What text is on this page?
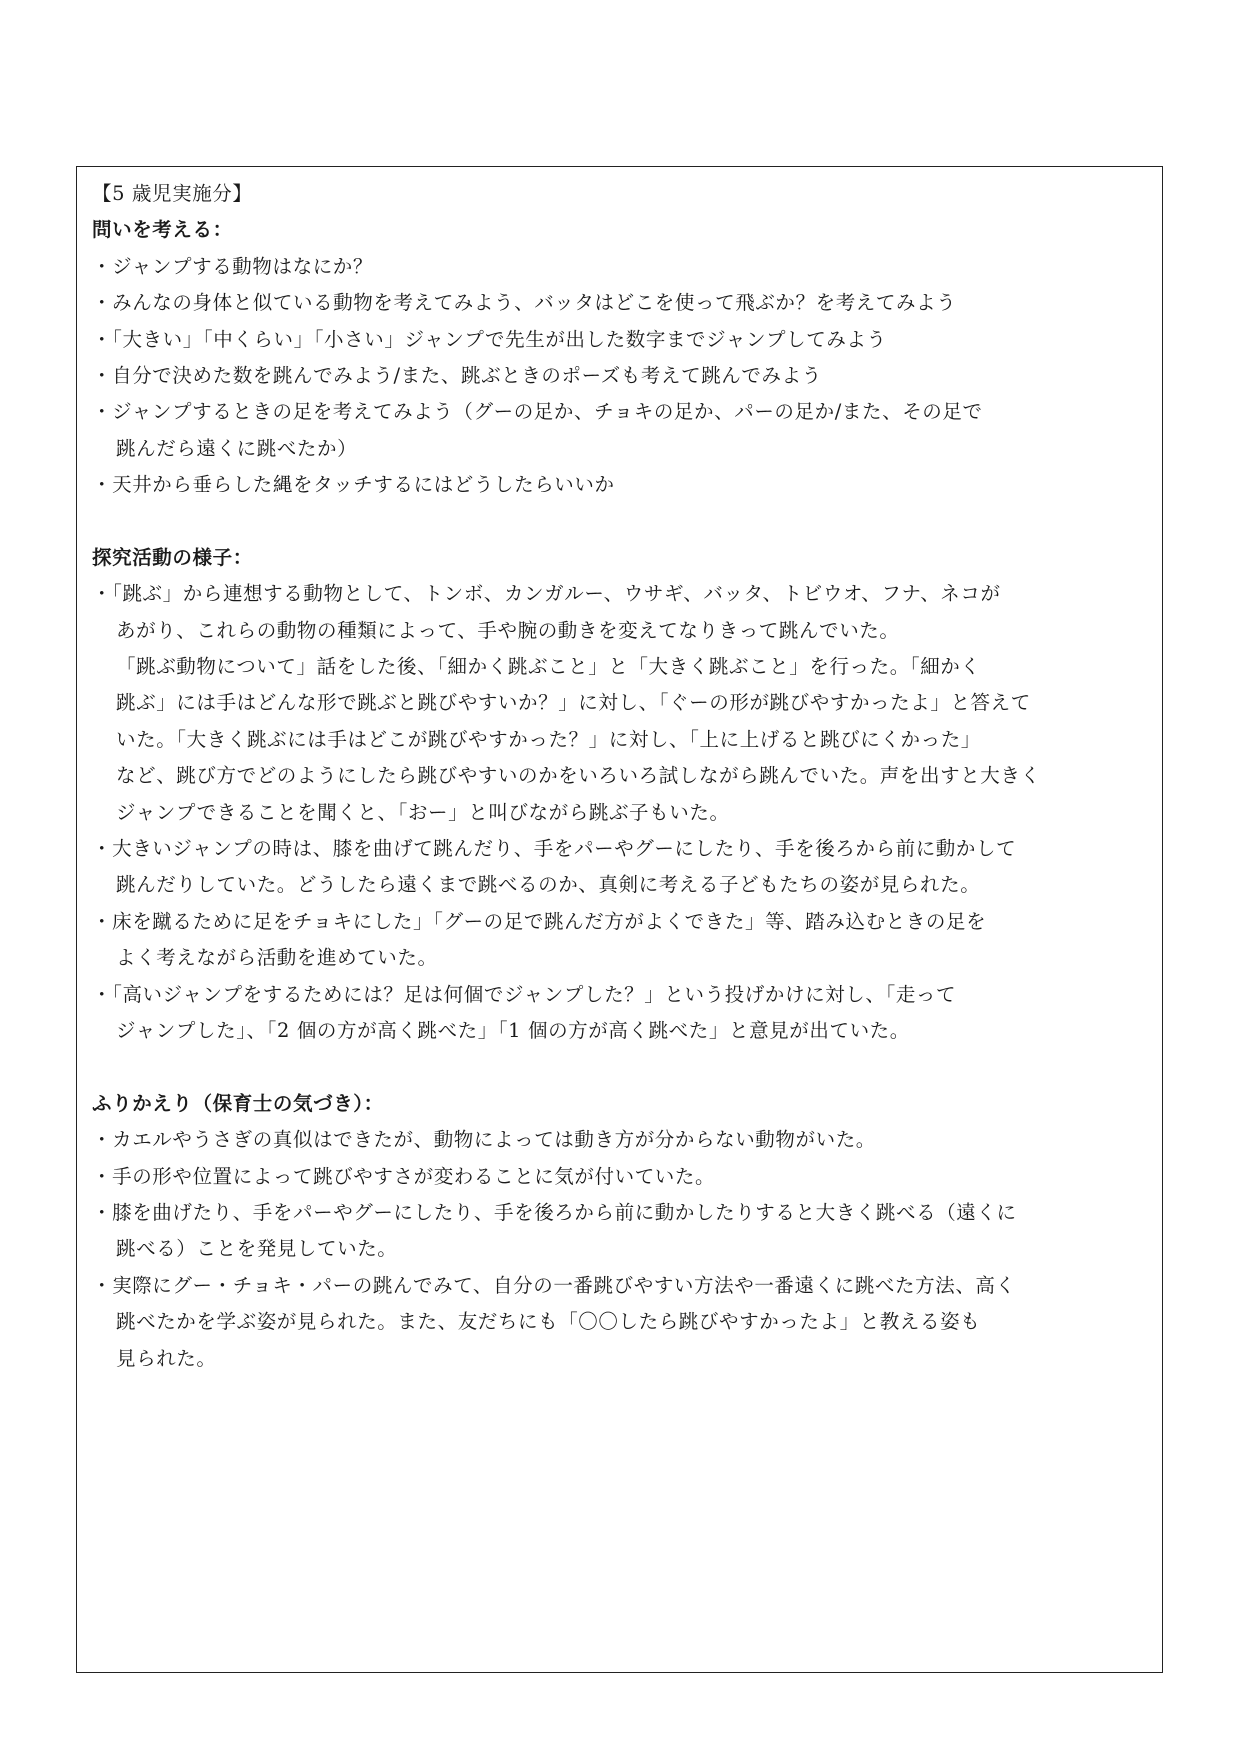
【5 歳児実施分】
問いを考える：
・ジャンプする動物はなにか？
・みんなの身体と似ている動物を考えてみよう、バッタはどこを使って飛ぶか？を考えてみよう
・「大きい」「中くらい」「小さい」ジャンプで先生が出した数字までジャンプしてみよう
・自分で決めた数を跳んでみよう/また、跳ぶときのポーズも考えて跳んでみよう
・ジャンプするときの足を考えてみよう（グーの足か、チョキの足か、パーの足か/また、その足で
跳んだら遠くに跳べたか）
・天井から垂らした縄をタッチするにはどうしたらいいか
探究活動の様子：
・「跳ぶ」から連想する動物として、トンボ、カンガルー、ウサギ、バッタ、トビウオ、フナ、ネコが
あがり、これらの動物の種類によって、手や腕の動きを変えてなりきって跳んでいた。
「跳ぶ動物について」話をした後、「細かく跳ぶこと」と「大きく跳ぶこと」を行った。「細かく
跳ぶ」には手はどんな形で跳ぶと跳びやすいか？」に対し、「ぐーの形が跳びやすかったよ」と答えて
いた。「大きく跳ぶには手はどこが跳びやすかった？」に対し、「上に上げると跳びにくかった」
など、跳び方でどのようにしたら跳びやすいのかをいろいろ試しながら跳んでいた。声を出すと大きく
ジャンプできることを聞くと、「おー」と叫びながら跳ぶ子もいた。
・大きいジャンプの時は、膝を曲げて跳んだり、手をパーやグーにしたり、手を後ろから前に動かして
跳んだりしていた。どうしたら遠くまで跳べるのか、真剣に考える子どもたちの姿が見られた。
・床を蹴るために足をチョキにした」「グーの足で跳んだ方がよくできた」等、踏み込むときの足を
よく考えながら活動を進めていた。
・「高いジャンプをするためには？足は何個でジャンプした？」という投げかけに対し、「走って
ジャンプした」、「2 個の方が高く跳べた」「1 個の方が高く跳べた」と意見が出ていた。
ふりかえり（保育士の気づき）：
・カエルやうさぎの真似はできたが、動物によっては動き方が分からない動物がいた。
・手の形や位置によって跳びやすさが変わることに気が付いていた。
・膝を曲げたり、手をパーやグーにしたり、手を後ろから前に動かしたりすると大きく跳べる（遠くに
跳べる）ことを発見していた。
・実際にグー・チョキ・パーの跳んでみて、自分の一番跳びやすい方法や一番遠くに跳べた方法、高く
跳べたかを学ぶ姿が見られた。また、友だちにも「〇〇したら跳びやすかったよ」と教える姿も
見られた。
